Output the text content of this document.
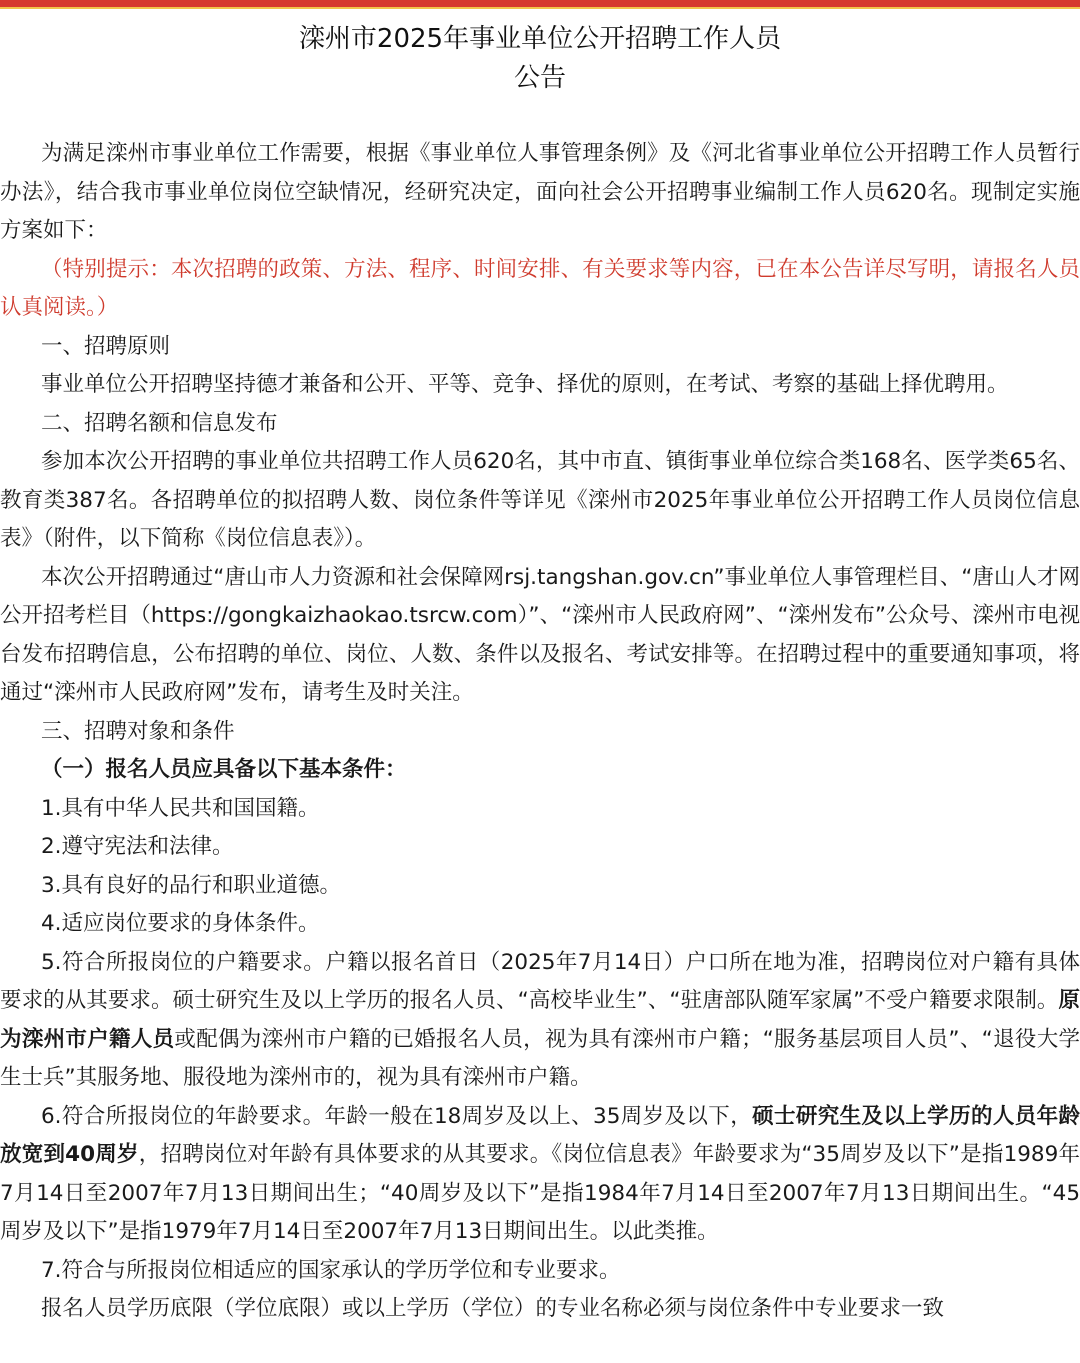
滦州市2025年事业单位公开招聘工作人员
公告

为满足滦州市事业单位工作需要，根据《事业单位人事管理条例》及《河北省事业单位公开招聘工作人员暂行办法》，结合我市事业单位岗位空缺情况，经研究决定，面向社会公开招聘事业编制工作人员620名。现制定实施方案如下：

（特别提示：本次招聘的政策、方法、程序、时间安排、有关要求等内容，已在本公告详尽写明，请报名人员认真阅读。）

一、招聘原则

事业单位公开招聘坚持德才兼备和公开、平等、竞争、择优的原则，在考试、考察的基础上择优聘用。

二、招聘名额和信息发布

参加本次公开招聘的事业单位共招聘工作人员620名，其中市直、镇街事业单位综合类168名、医学类65名、教育类387名。各招聘单位的拟招聘人数、岗位条件等详见《滦州市2025年事业单位公开招聘工作人员岗位信息表》（附件，以下简称《岗位信息表》）。

本次公开招聘通过“唐山市人力资源和社会保障网rsj.tangshan.gov.cn”事业单位人事管理栏目、“唐山人才网公开招考栏目（https://gongkaizhaokao.tsrcw.com）”、“滦州市人民政府网”、“滦州发布”公众号、滦州市电视台发布招聘信息，公布招聘的单位、岗位、人数、条件以及报名、考试安排等。在招聘过程中的重要通知事项，将通过“滦州市人民政府网”发布，请考生及时关注。

三、招聘对象和条件

（一）报名人员应具备以下基本条件：

1.具有中华人民共和国国籍。

2.遵守宪法和法律。

3.具有良好的品行和职业道德。

4.适应岗位要求的身体条件。

5.符合所报岗位的户籍要求。户籍以报名首日（2025年7月14日）户口所在地为准，招聘岗位对户籍有具体要求的从其要求。硕士研究生及以上学历的报名人员、“高校毕业生”、“驻唐部队随军家属”不受户籍要求限制。原为滦州市户籍人员或配偶为滦州市户籍的已婚报名人员，视为具有滦州市户籍；“服务基层项目人员”、“退役大学生士兵”其服务地、服役地为滦州市的，视为具有滦州市户籍。

6.符合所报岗位的年龄要求。年龄一般在18周岁及以上、35周岁及以下，硕士研究生及以上学历的人员年龄放宽到40周岁，招聘岗位对年龄有具体要求的从其要求。《岗位信息表》年龄要求为“35周岁及以下”是指1989年7月14日至2007年7月13日期间出生；“40周岁及以下”是指1984年7月14日至2007年7月13日期间出生。“45周岁及以下”是指1979年7月14日至2007年7月13日期间出生。以此类推。

7.符合与所报岗位相适应的国家承认的学历学位和专业要求。

报名人员学历底限（学位底限）或以上学历（学位）的专业名称必须与岗位条件中专业要求一致
